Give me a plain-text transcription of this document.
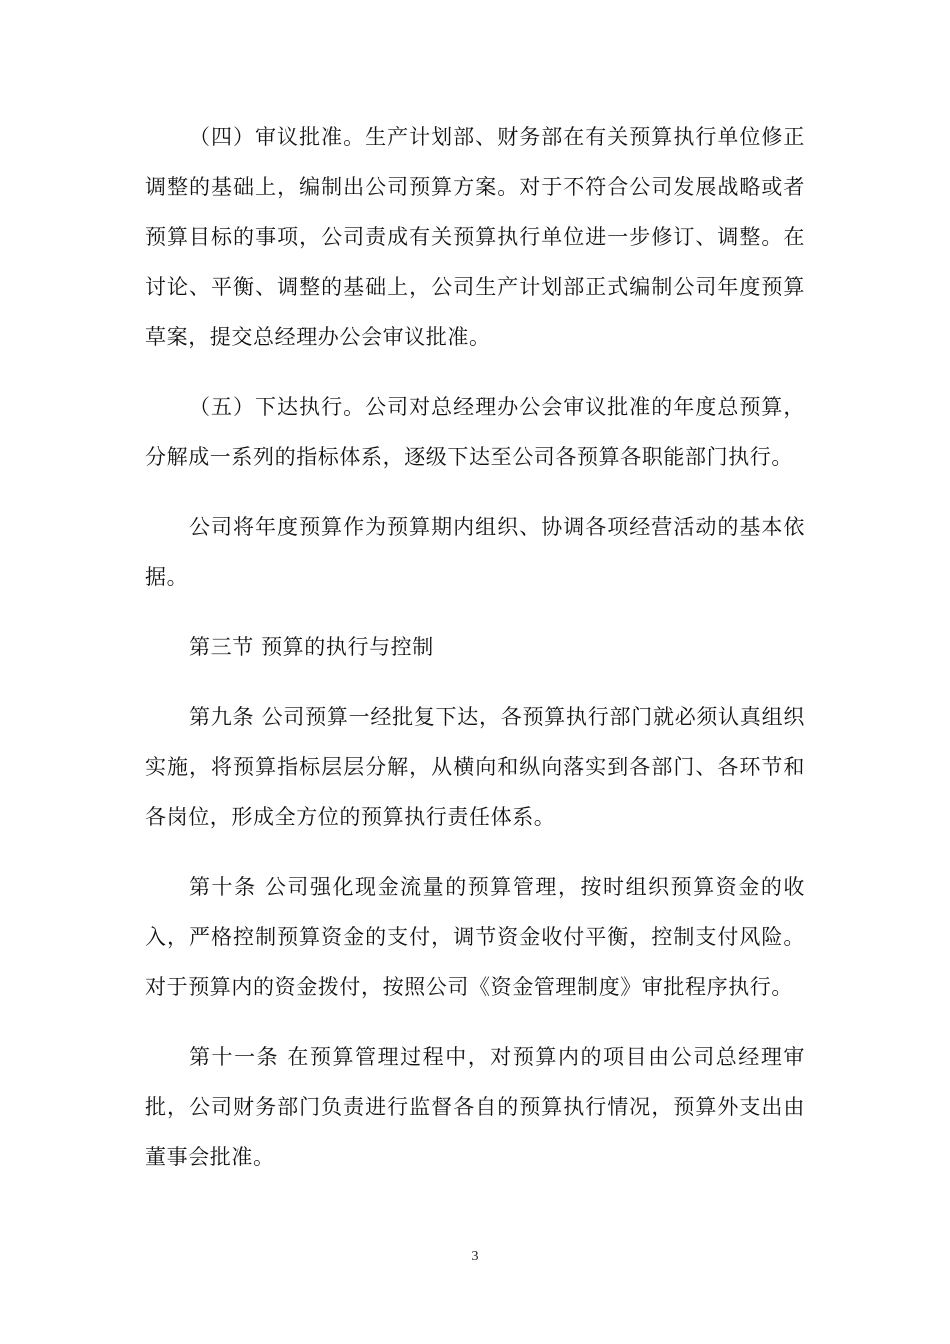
（四）审议批准。生产计划部、财务部在有关预算执行单位修正调整的基础上，编制出公司预算方案。对于不符合公司发展战略或者预算目标的事项，公司责成有关预算执行单位进一步修订、调整。在讨论、平衡、调整的基础上，公司生产计划部正式编制公司年度预算草案，提交总经理办公会审议批准。

（五）下达执行。公司对总经理办公会审议批准的年度总预算，分解成一系列的指标体系，逐级下达至公司各预算各职能部门执行。

公司将年度预算作为预算期内组织、协调各项经营活动的基本依据。

第三节 预算的执行与控制

第九条 公司预算一经批复下达，各预算执行部门就必须认真组织实施，将预算指标层层分解，从横向和纵向落实到各部门、各环节和各岗位，形成全方位的预算执行责任体系。

第十条 公司强化现金流量的预算管理，按时组织预算资金的收入，严格控制预算资金的支付，调节资金收付平衡，控制支付风险。对于预算内的资金拨付，按照公司《资金管理制度》审批程序执行。

第十一条 在预算管理过程中，对预算内的项目由公司总经理审批，公司财务部门负责进行监督各自的预算执行情况，预算外支出由董事会批准。

3
